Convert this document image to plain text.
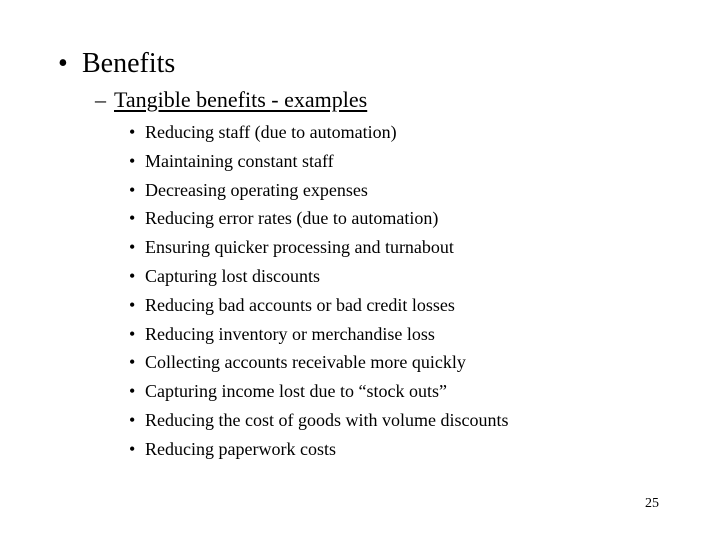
• Benefits
– Tangible benefits - examples
• Reducing staff (due to automation)
• Maintaining constant staff
• Decreasing operating expenses
• Reducing error rates (due to automation)
• Ensuring quicker processing and turnabout
• Capturing lost discounts
• Reducing bad accounts or bad credit losses
• Reducing inventory or merchandise loss
• Collecting accounts receivable more quickly
• Capturing income lost due to “stock outs”
• Reducing the cost of goods with volume discounts
• Reducing paperwork costs
25
